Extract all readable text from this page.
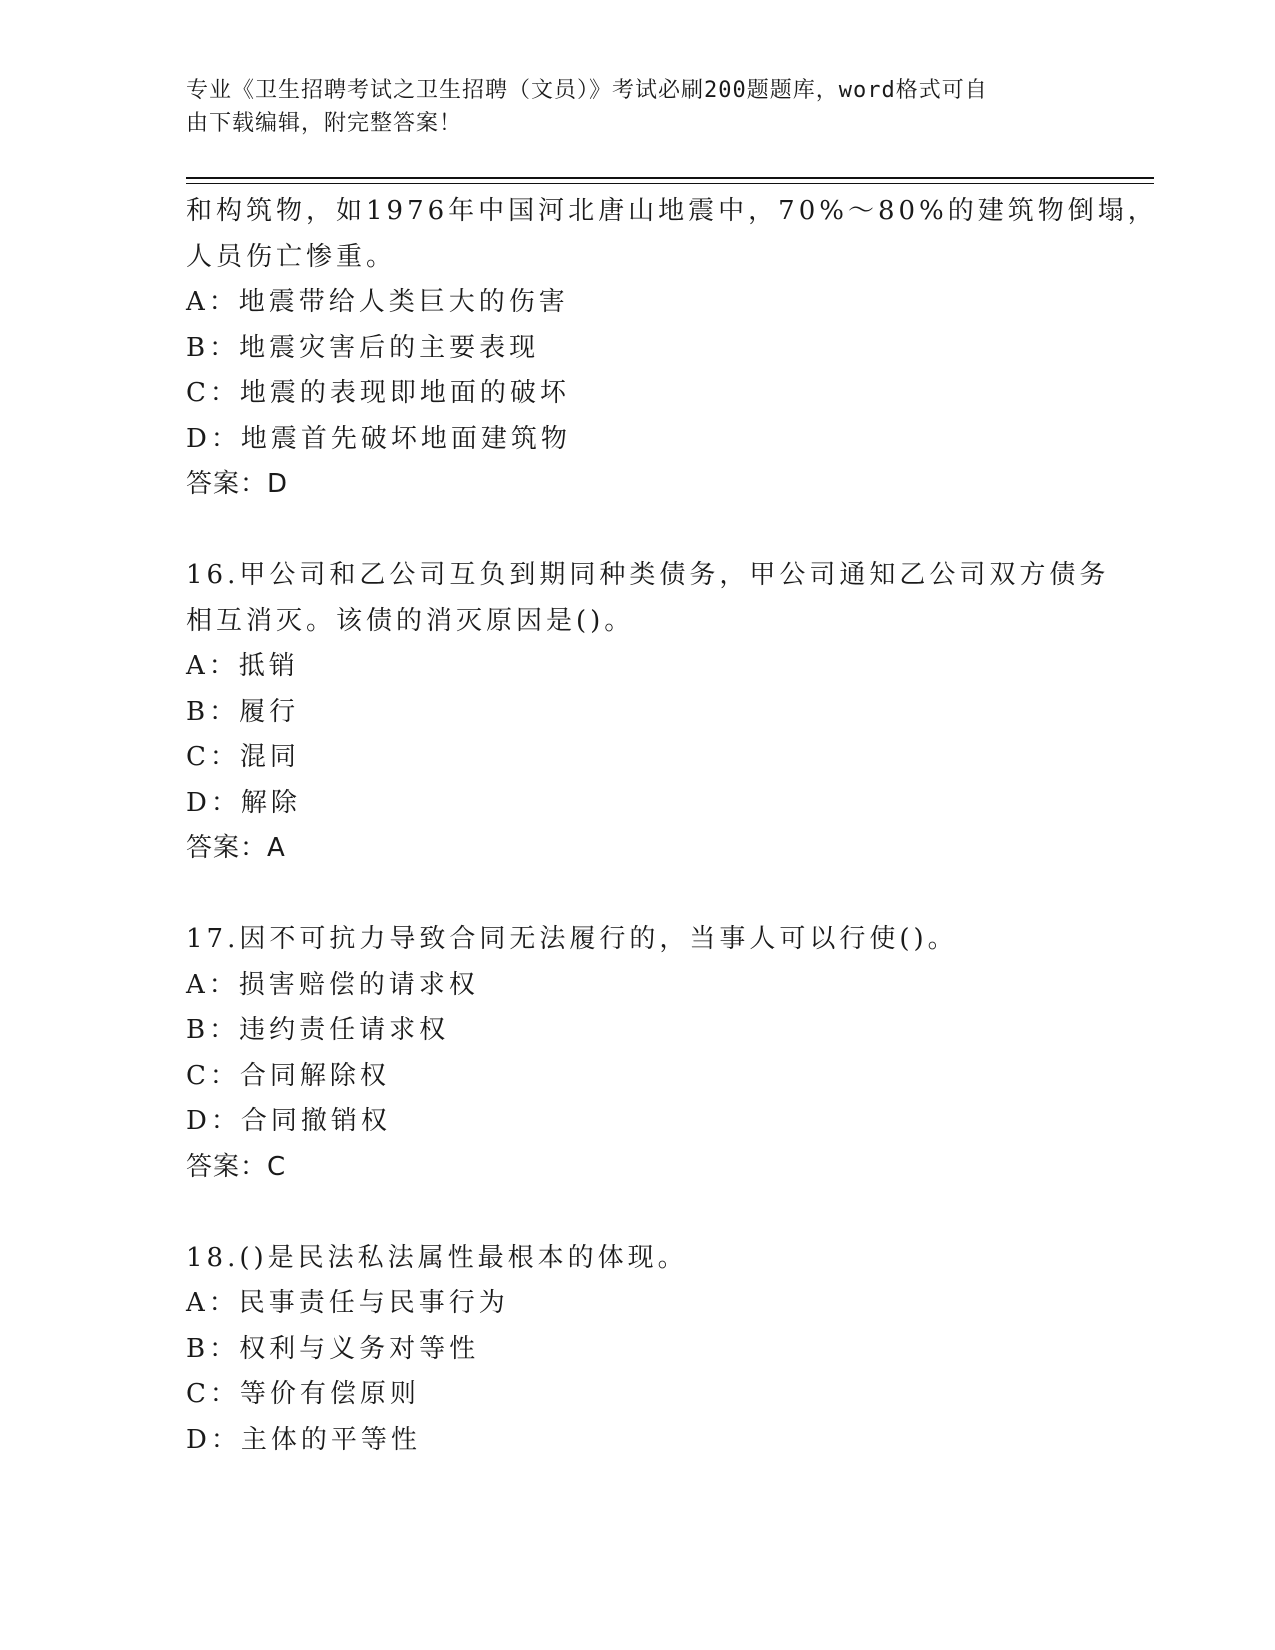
专业《卫生招聘考试之卫生招聘（文员）》考试必刷200题题库，word格式可自
由下载编辑，附完整答案！
和构筑物，如1976年中国河北唐山地震中，70%～80%的建筑物倒塌，
人员伤亡惨重。
A：地震带给人类巨大的伤害
B：地震灾害后的主要表现
C：地震的表现即地面的破坏
D：地震首先破坏地面建筑物
答案：D
16.甲公司和乙公司互负到期同种类债务，甲公司通知乙公司双方债务
相互消灭。该债的消灭原因是()。
A：抵销
B：履行
C：混同
D：解除
答案：A
17.因不可抗力导致合同无法履行的，当事人可以行使()。
A：损害赔偿的请求权
B：违约责任请求权
C：合同解除权
D：合同撤销权
答案：C
18.()是民法私法属性最根本的体现。
A：民事责任与民事行为
B：权利与义务对等性
C：等价有偿原则
D：主体的平等性
